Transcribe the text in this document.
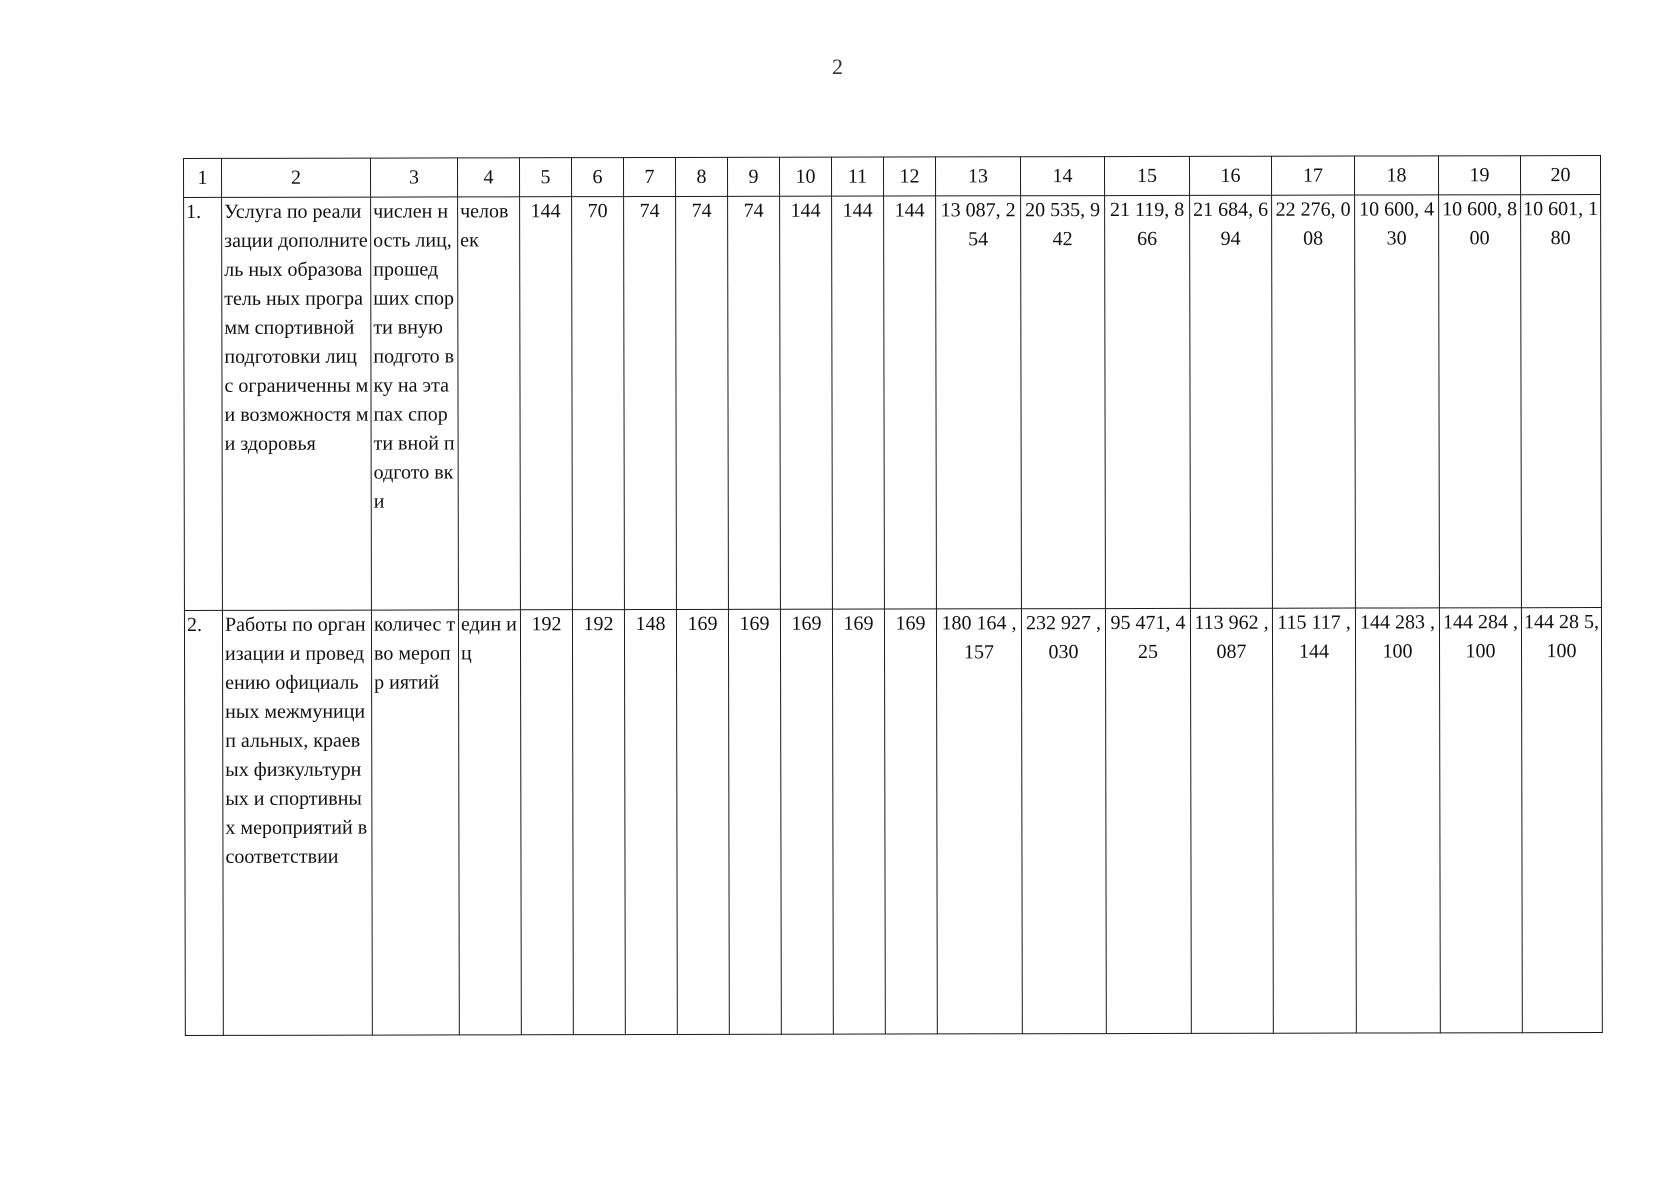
2
1	2	3	4	5	6	7	8	9	10	11	12	13	14	15	16	17	18	19	20
1.	Услуга по реализации дополнитель ных образователь ных программ спортивной подготовки лиц с ограниченны ми возможностя ми здоровья	числен ность лиц, прошед ших спорти вную подгото вку на этапах спорти вной подгото вки	челов ек	144	70	74	74	74	144	144	144	13 087, 254	20 535, 942	21 119, 866	21 684, 694	22 276, 008	10 600, 430	10 600, 800	10 601, 180
2.	Работы по организации и проведению официальных межмуницип альных, краевых физкультурн ых и спортивных мероприятий в соответствии	количес тво меропр иятий	един иц	192	192	148	169	169	169	169	169	180 164 ,157	232 927 ,030	95 471, 425	113 962 ,087	115 117 ,144	144 283 ,100	144 284 ,100	144 28 5,100
